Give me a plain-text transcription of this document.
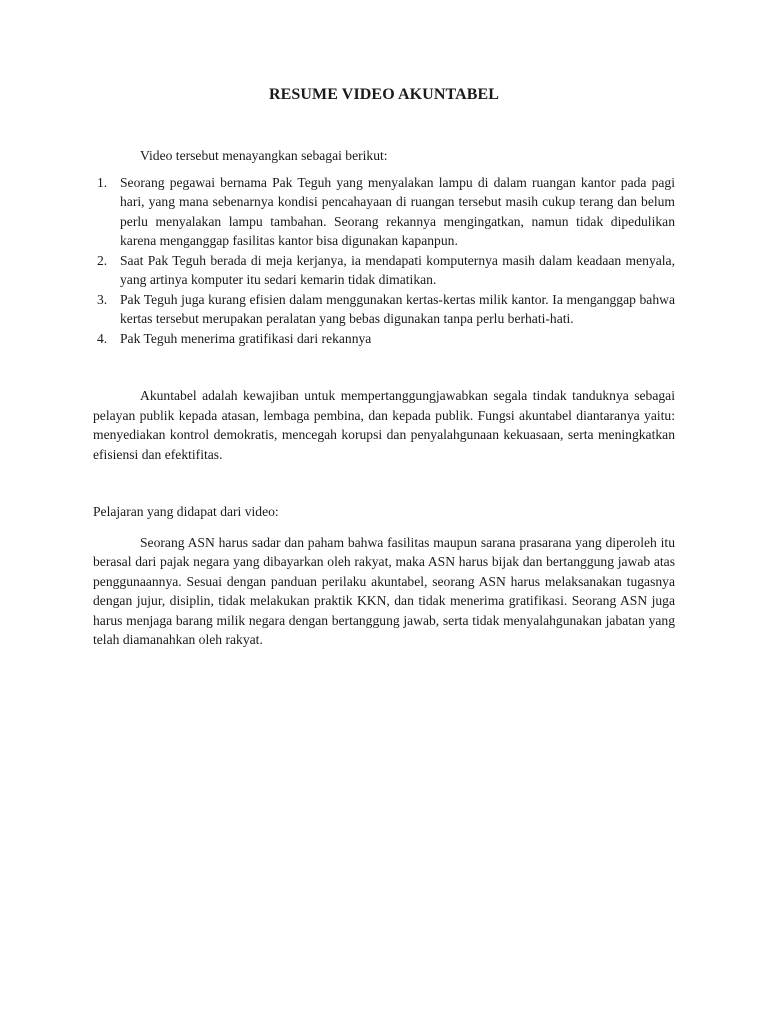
RESUME VIDEO AKUNTABEL

Video tersebut menayangkan sebagai berikut:

1. Seorang pegawai bernama Pak Teguh yang menyalakan lampu di dalam ruangan kantor pada pagi hari, yang mana sebenarnya kondisi pencahayaan di ruangan tersebut masih cukup terang dan belum perlu menyalakan lampu tambahan. Seorang rekannya mengingatkan, namun tidak dipedulikan karena menganggap fasilitas kantor bisa digunakan kapanpun.
2. Saat Pak Teguh berada di meja kerjanya, ia mendapati komputernya masih dalam keadaan menyala, yang artinya komputer itu sedari kemarin tidak dimatikan.
3. Pak Teguh juga kurang efisien dalam menggunakan kertas-kertas milik kantor. Ia menganggap bahwa kertas tersebut merupakan peralatan yang bebas digunakan tanpa perlu berhati-hati.
4. Pak Teguh menerima gratifikasi dari rekannya

Akuntabel adalah kewajiban untuk mempertanggungjawabkan segala tindak tanduknya sebagai pelayan publik kepada atasan, lembaga pembina, dan kepada publik. Fungsi akuntabel diantaranya yaitu: menyediakan kontrol demokratis, mencegah korupsi dan penyalahgunaan kekuasaan, serta meningkatkan efisiensi dan efektifitas.

Pelajaran yang didapat dari video:

Seorang ASN harus sadar dan paham bahwa fasilitas maupun sarana prasarana yang diperoleh itu berasal dari pajak negara yang dibayarkan oleh rakyat, maka ASN harus bijak dan bertanggung jawab atas penggunaannya. Sesuai dengan panduan perilaku akuntabel, seorang ASN harus melaksanakan tugasnya dengan jujur, disiplin, tidak melakukan praktik KKN, dan tidak menerima gratifikasi. Seorang ASN juga harus menjaga barang milik negara dengan bertanggung jawab, serta tidak menyalahgunakan jabatan yang telah diamanahkan oleh rakyat.
